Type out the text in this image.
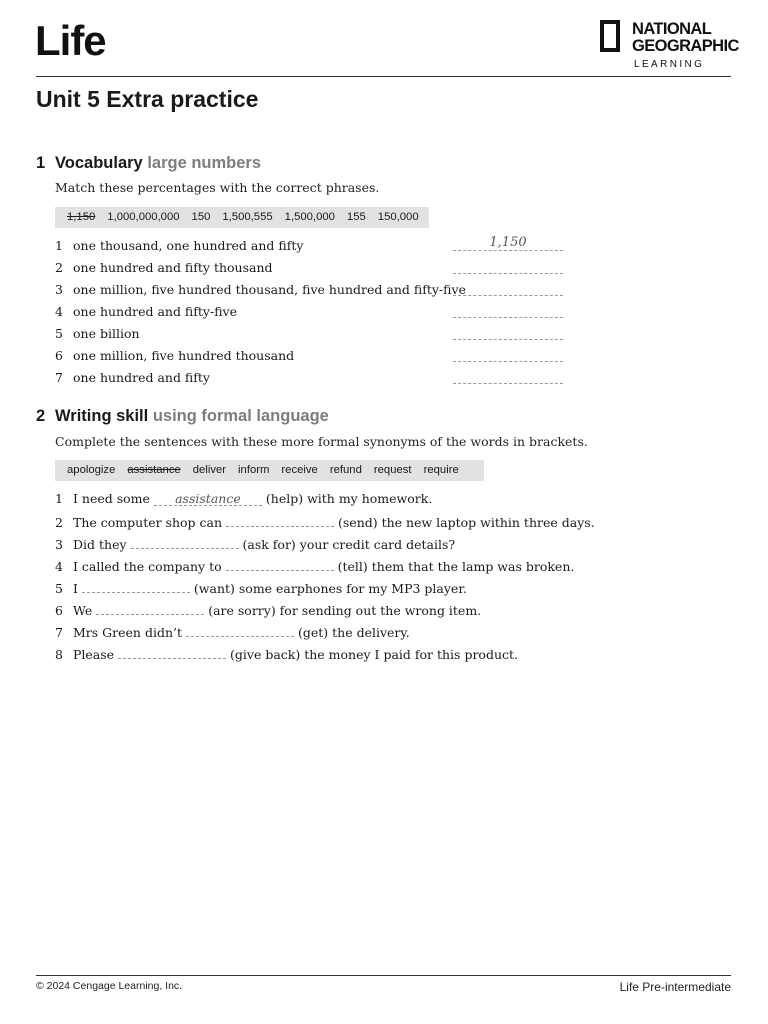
Life	NATIONAL
GEOGRAPHIC
LEARNING
Unit 5 Extra practice
1 Vocabulary large numbers
Match these percentages with the correct phrases.
1,150 1,000,000,000 150 1,500,555 1,500,000 155 150,000
1 one thousand, one hundred and fifty	1,150
2 one hundred and fifty thousand
3 one million, five hundred thousand, five hundred and fifty-five
4 one hundred and fifty-five
5 one billion
6 one million, five hundred thousand
7 one hundred and fifty
2 Writing skill using formal language
Complete the sentences with these more formal synonyms of the words in brackets.
apologize assistance deliver inform receive refund request require
1 I need some assistance (help) with my homework.
2 The computer shop can	(send) the new laptop within three days.
3 Did they	(ask for) your credit card details?
4 I called the company to	(tell) them that the lamp was broken.
5 I	(want) some earphones for my MP3 player.
6 We	(are sorry) for sending out the wrong item.
7 Mrs Green didn’t	(get) the delivery.
8 Please	(give back) the money I paid for this product.
© 2024 Cengage Learning, Inc.	Life Pre-intermediate
